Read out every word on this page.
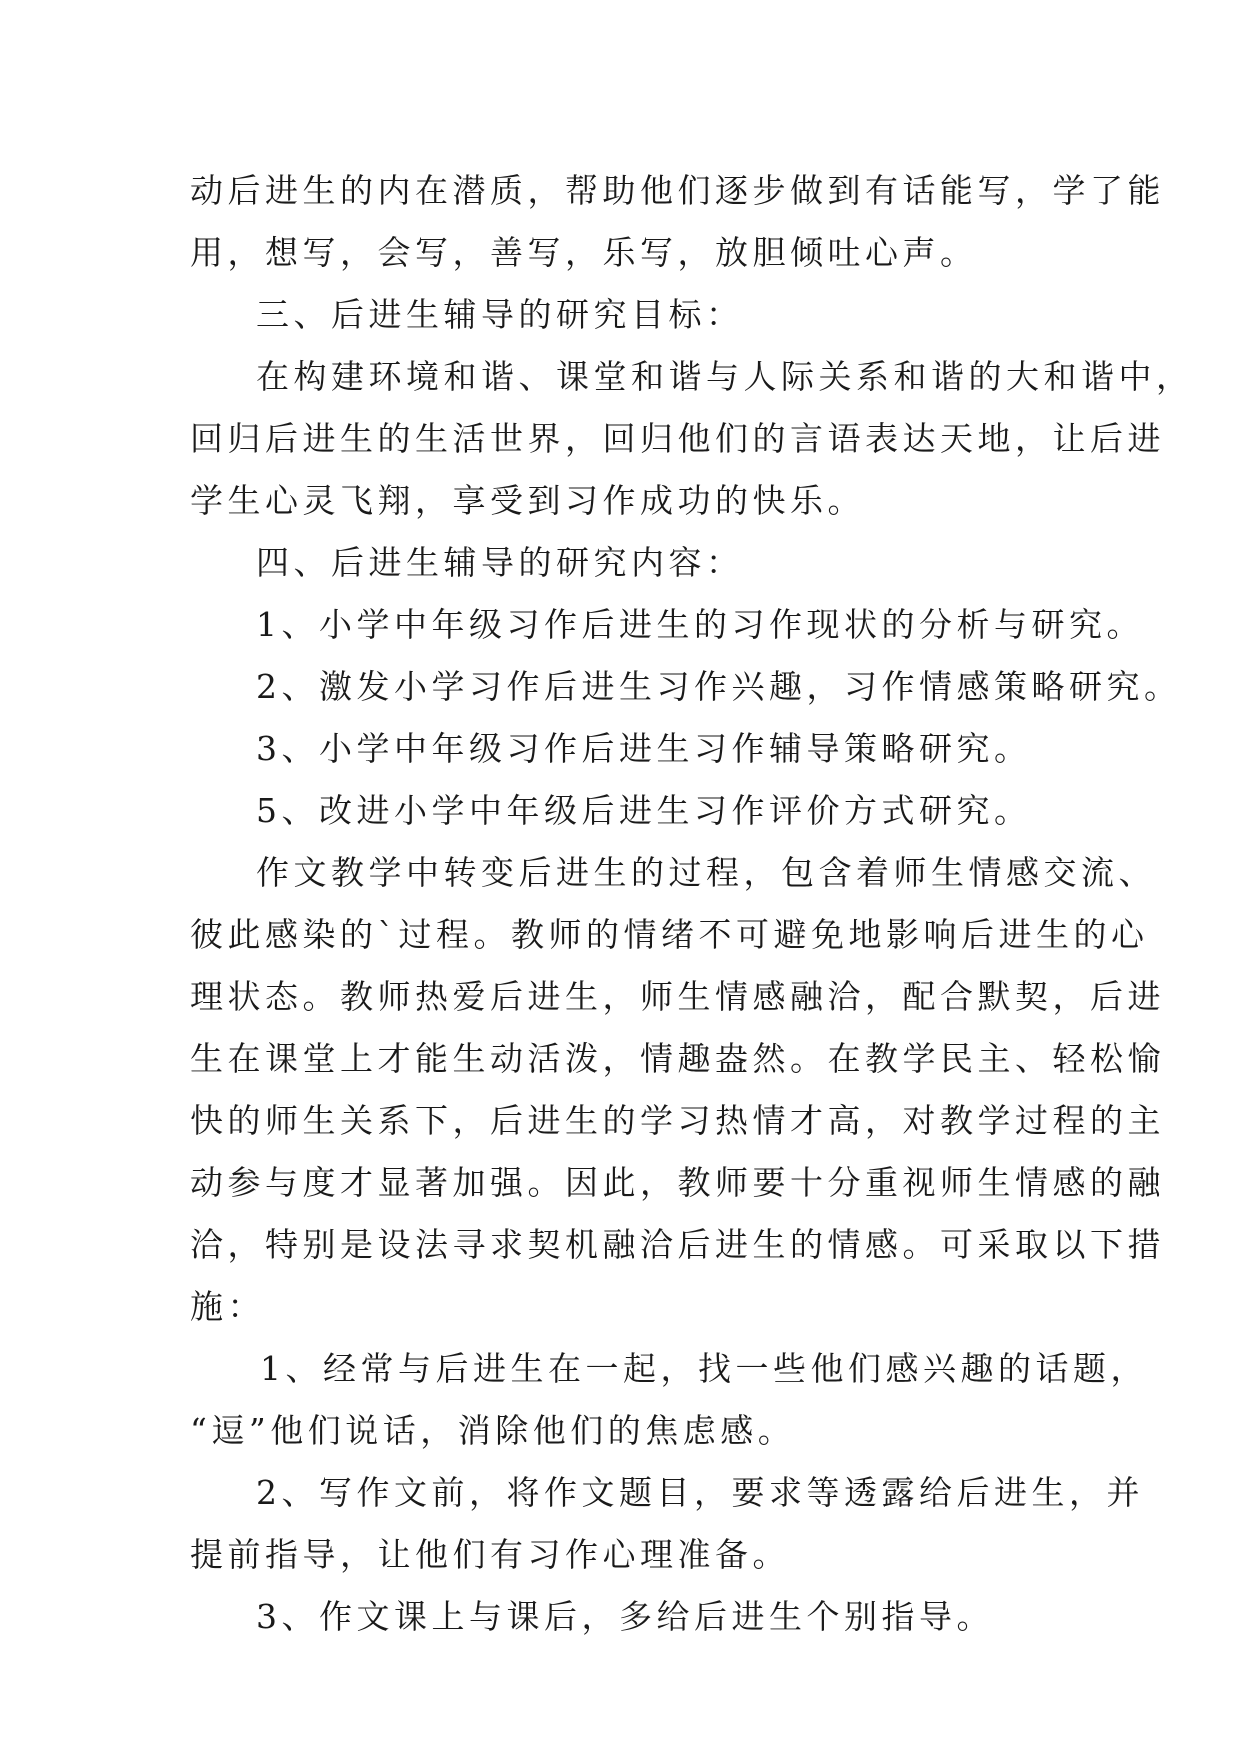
动后进生的内在潜质，帮助他们逐步做到有话能写，学了能
用，想写，会写，善写，乐写，放胆倾吐心声。
三、后进生辅导的研究目标：
在构建环境和谐、课堂和谐与人际关系和谐的大和谐中，
回归后进生的生活世界，回归他们的言语表达天地，让后进
学生心灵飞翔，享受到习作成功的快乐。
四、后进生辅导的研究内容：
1、小学中年级习作后进生的习作现状的分析与研究。
2、激发小学习作后进生习作兴趣，习作情感策略研究。
3、小学中年级习作后进生习作辅导策略研究。
5、改进小学中年级后进生习作评价方式研究。
作文教学中转变后进生的过程，包含着师生情感交流、
彼此感染的`过程。教师的情绪不可避免地影响后进生的心
理状态。教师热爱后进生，师生情感融洽，配合默契，后进
生在课堂上才能生动活泼，情趣盎然。在教学民主、轻松愉
快的师生关系下，后进生的学习热情才高，对教学过程的主
动参与度才显著加强。因此，教师要十分重视师生情感的融
洽，特别是设法寻求契机融洽后进生的情感。可采取以下措
施：
1、经常与后进生在一起，找一些他们感兴趣的话题，
“逗”他们说话，消除他们的焦虑感。
2、写作文前，将作文题目，要求等透露给后进生，并
提前指导，让他们有习作心理准备。
3、作文课上与课后，多给后进生个别指导。
